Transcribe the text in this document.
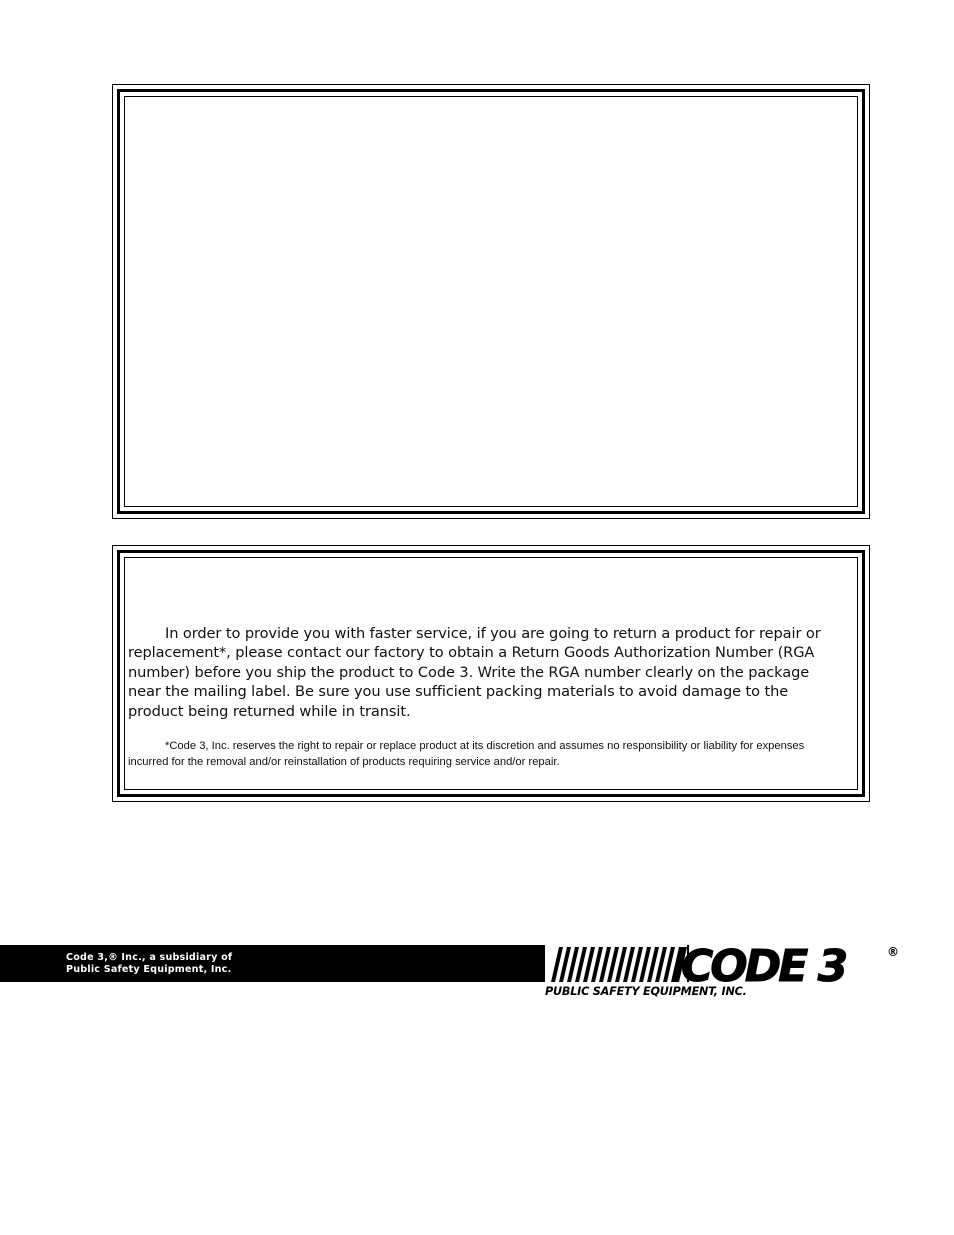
In order to provide you with faster service, if you are going to return a product for repair or replacement*, please contact our factory to obtain a Return Goods Authorization Number (RGA number) before you ship the product to Code 3. Write the RGA number clearly on the package near the mailing label. Be sure you use sufficient packing materials to avoid damage to the product being returned while in transit.

*Code 3, Inc. reserves the right to repair or replace product at its discretion and assumes no responsibility or liability for expenses incurred for the removal and/or reinstallation of products requiring service and/or repair.

Code 3,® Inc., a subsidiary of
Public Safety Equipment, Inc.	CODE 3 INC.
®
PUBLIC SAFETY EQUIPMENT, INC.
